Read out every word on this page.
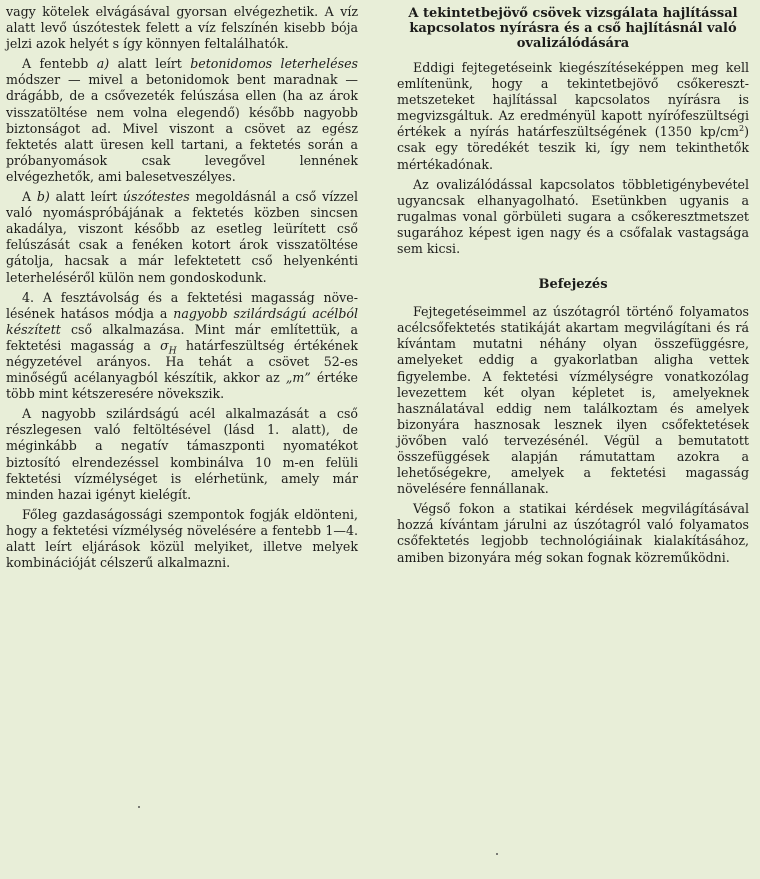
vagy kötelek elvágásával gyorsan elvégezhetik. A víz alatt levő úszótestek felett a víz felszínén kisebb bója jelzi azok helyét s így könnyen feltalálhatók.

A fentebb a) alatt leírt betonidomos leterheléses módszer — mivel a betonidomok bent maradnak — drágább, de a csővezeték felúszása ellen (ha az árok visszatöltése nem volna elegendő) később nagyobb biztonságot ad. Mivel viszont a csövet az egész fektetés alatt üresen kell tartani, a fektetés során a próbanyomások csak levegővel lennének elvégezhetők, ami balesetveszélyes.

A b) alatt leírt úszótestes megoldásnál a cső vízzel való nyomáspróbájának a fektetés közben sincsen akadálya, viszont később az esetleg leürített cső felúszását csak a fenéken kotort árok visszatöltése gátolja, hacsak a már lefektetett cső helyenkénti leterheléséről külön nem gondoskodunk.

4. A fesztávolság és a fektetési magasság növelésének hatásos módja a nagyobb szilárdságú acélból készített cső alkalmazása. Mint már említettük, a fektetési magasság a $\sigma_H$ határfeszültség értékének négyzetével arányos. Ha tehát a csövet 52-es minőségű acélanyagból készítik, akkor az „m” értéke több mint kétszeresére növekszik.

A nagyobb szilárdságú acél alkalmazását a cső részlegesen való feltöltésével (lásd 1. alatt), de méginkább a negatív támaszponti nyomatékot biztosító elrendezéssel kombinálva 10 m-en felüli fektetési vízmélységet is elérhetünk, amely már minden hazai igényt kielégít.

Főleg gazdaságossági szempontok fogják eldönteni, hogy a fektetési vízmélység növelésére a fentebb 1—4. alatt leírt eljárások közül melyiket, illetve melyek kombinációját célszerű alkalmazni.

A tekintetbejövő csövek vizsgálata hajlítással kapcsolatos nyírásra és a cső hajlításnál való ovalizálódására

Eddigi fejtegetéseink kiegészítéseképpen meg kell említenünk, hogy a tekintetbejövő csőkeresztmetszeteket hajlítással kapcsolatos nyírásra is megvizsgáltuk. Az eredményül kapott nyírófeszültségi értékek a nyírás határfeszültségének (1350 $kp/cm^2$) csak egy töredékét teszik ki, így nem tekinthetők mértékadónak.

Az ovalizálódással kapcsolatos többletigénybevétel ugyancsak elhanyagolható. Esetünkben ugyanis a rugalmas vonal görbületi sugara a csőkeresztmetszet sugarához képest igen nagy és a csőfalak vastagsága sem kicsi.

Befejezés

Fejtegetéseimmel az úszótagról történő folyamatos acélcsőfektetés statikáját akartam megvilágítani és rá kívántam mutatni néhány olyan összefüggésre, amelyeket eddig a gyakorlatban aligha vettek figyelembe. A fektetési vízmélységre vonatkozólag levezettem két olyan képletet is, amelyeknek használatával eddig nem találkoztam és amelyek bizonyára hasznosak lesznek ilyen csőfektetések jövőben való tervezésénél. Végül a bemutatott összefüggések alapján rámutattam azokra a lehetőségekre, amelyek a fektetési magasság növelésére fennállanak.

Végső fokon a statikai kérdések megvilágításával hozzá kívántam járulni az úszótagról való folyamatos csőfektetés legjobb technológiáinak kialakításához, amiben bizonyára még sokan fognak közreműködni.
